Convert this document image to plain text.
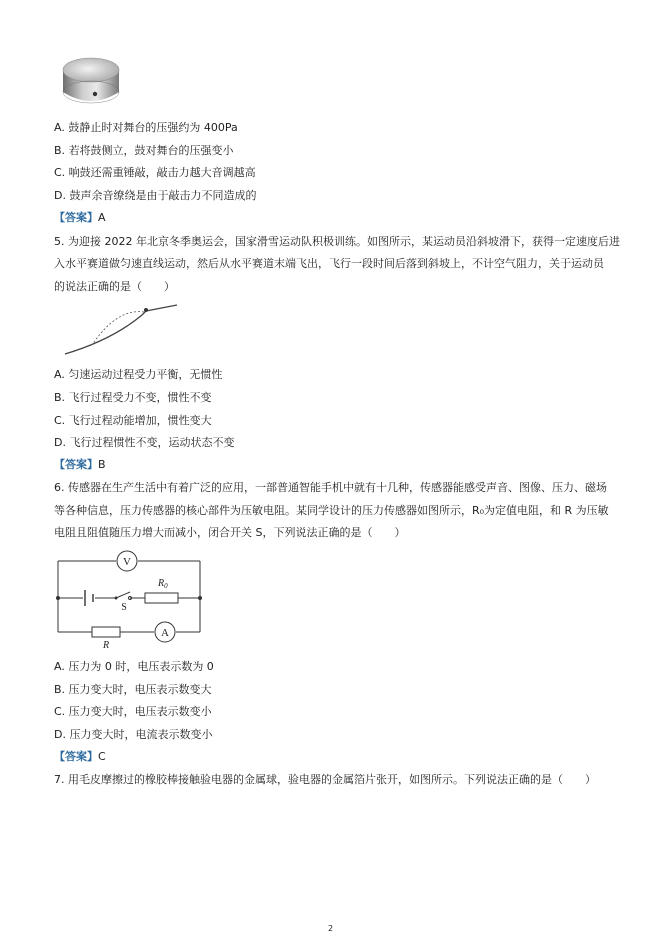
A. 鼓静止时对舞台的压强约为 400Pa
B. 若将鼓侧立，鼓对舞台的压强变小
C. 响鼓还需重锤敲，敲击力越大音调越高
D. 鼓声余音缭绕是由于敲击力不同造成的
【答案】A
5. 为迎接 2022 年北京冬季奥运会，国家滑雪运动队积极训练。如图所示，某运动员沿斜坡滑下，获得一定速度后进
入水平赛道做匀速直线运动，然后从水平赛道末端飞出，飞行一段时间后落到斜坡上，不计空气阻力，关于运动员
的说法正确的是（　　）
A. 匀速运动过程受力平衡，无惯性
B. 飞行过程受力不变，惯性不变
C. 飞行过程动能增加，惯性变大
D. 飞行过程惯性不变，运动状态不变
【答案】B
6. 传感器在生产生活中有着广泛的应用，一部普通智能手机中就有十几种，传感器能感受声音、图像、压力、磁场
等各种信息，压力传感器的核心部件为压敏电阻。某同学设计的压力传感器如图所示，R₀为定值电阻，和 R 为压敏
电阻且阻值随压力增大而减小，闭合开关 S，下列说法正确的是（　　）
V
S
$R_0$
R
A
A. 压力为 0 时，电压表示数为 0
B. 压力变大时，电压表示数变大
C. 压力变大时，电压表示数变小
D. 压力变大时，电流表示数变小
【答案】C
7. 用毛皮摩擦过的橡胶棒接触验电器的金属球，验电器的金属箔片张开，如图所示。下列说法正确的是（　　）
2
